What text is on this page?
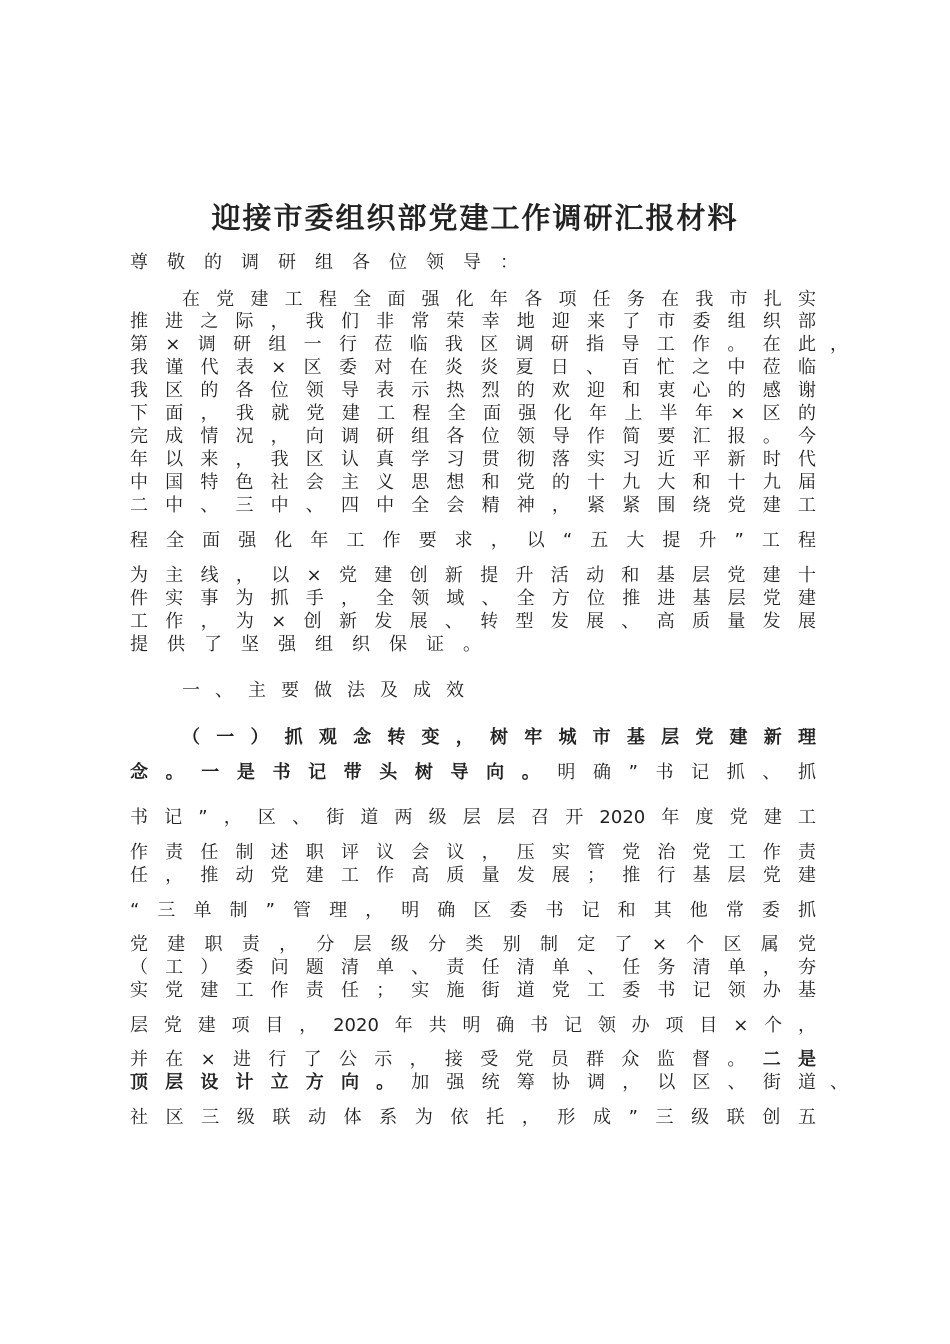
迎接市委组织部党建工作调研汇报材料
尊敬的调研组各位领导：
在党建工程全面强化年各项任务在我市扎实
推进之际，我们非常荣幸地迎来了市委组织部
第×调研组一行莅临我区调研指导工作。在此 ，
我谨代表×区委对在炎炎夏日、百忙之中莅临
我区的各位领导表示热烈的欢迎和衷心的感谢
下面，我就党建工程全面强化年上半年×区的
完成情况，向调研组各位领导作简要汇报。今
年以来，我区认真学习贯彻落实习近平新时代
中国特色社会主义思想和党的十九大和十九届
二中、三中、四中全会精神，紧紧围绕党建工
程全面强化年工作要求，以“五大提升”工程
为主线，以×党建创新提升活动和基层党建十
件实事为抓手，全领域、全方位推进基层党建
工作，为×创新发展、转型发展、高质量发展
提供了坚强组织保证。
一、主要做法及成效
（一）抓观念转变，树牢城市基层党建新理
念。一是书记带头树导向。明确”书记抓、抓
书记”，区、街道两级层层召开2020年度党建工
作责任制述职评议会议，压实管党治党工作责
任，推动党建工作高质量发展；推行基层党建
“三单制”管理，明确区委书记和其他常委抓
党建职责，分层级分类别制定了×个区属党
（工）委问题清单、责任清单、任务清单，夯
实党建工作责任；实施街道党工委书记领办基
层党建项目，2020年共明确书记领办项目×个，
并在×进行了公示，接受党员群众监督。二是
顶层设计立方向。加强统筹协调，以区、街道 、
社区三级联动体系为依托，形成”三级联创五
